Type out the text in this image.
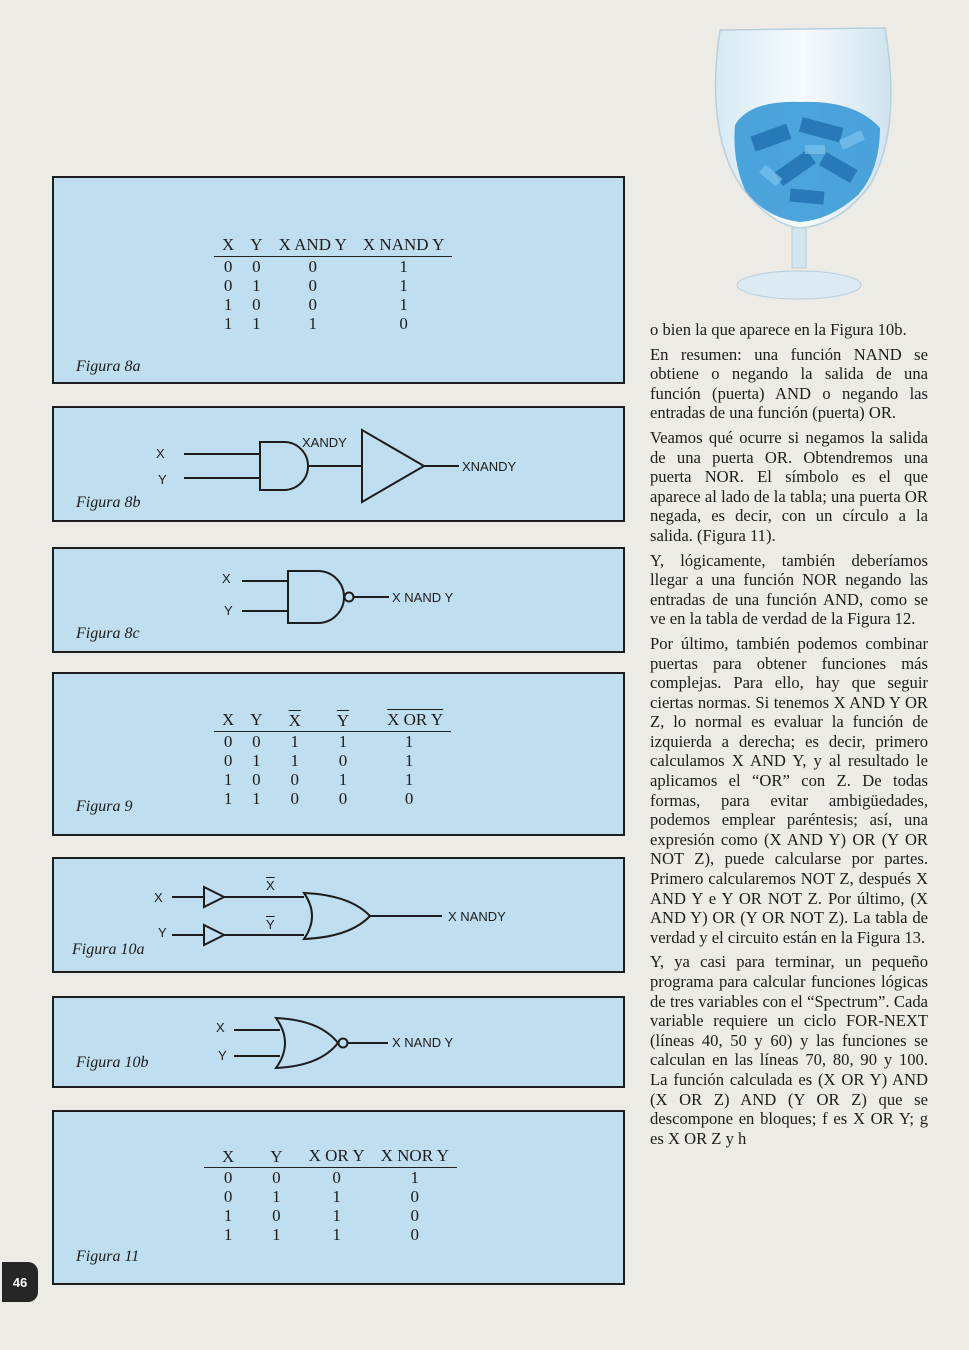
X	Y	X AND Y	X NAND Y
0	0	0	1
0	1	0	1
1	0	0	1
1	1	1	0
Figura 8a
X
Y
XANDY
XNANDY
Figura 8b
X
Y
X NAND Y
Figura 8c
X	Y	$\overline{X}$	$\overline{Y}$	X OR Y
0	0	1	1	1
0	1	1	0	1
1	0	0	1	1
1	1	0	0	0
Figura 9
X
Y
$\overline{X}$
$\overline{Y}$
X NANDY
Figura 10a
X
Y
X NAND Y
Figura 10b
X	Y	X OR Y	X NOR Y
0	0	0	1
0	1	1	0
1	0	1	0
1	1	1	0
Figura 11

o bien la que aparece en la Figura 10b.

En resumen: una función NAND se obtiene o negando la salida de una función (puerta) AND o negando las entradas de una función (puerta) OR.

Veamos qué ocurre si negamos la salida de una puerta OR. Obtendremos una puerta NOR. El símbolo es el que aparece al lado de la tabla; una puerta OR negada, es decir, con un círculo a la salida. (Figura 11).

Y, lógicamente, también deberíamos llegar a una función NOR negando las entradas de una función AND, como se ve en la tabla de verdad de la Figura 12.

Por último, también podemos combinar puertas para obtener funciones más complejas. Para ello, hay que seguir ciertas normas. Si tenemos X AND Y OR Z, lo normal es evaluar la función de izquierda a derecha; es decir, primero calculamos X AND Y, y al resultado le aplicamos el “OR” con Z. De todas formas, para evitar ambigüedades, podemos emplear paréntesis; así, una expresión como (X AND Y) OR (Y OR NOT Z), puede calcularse por partes. Primero calcularemos NOT Z, después X AND Y e Y OR NOT Z. Por último, (X AND Y) OR (Y OR NOT Z). La tabla de verdad y el circuito están en la Figura 13.

Y, ya casi para terminar, un pequeño programa para calcular funciones lógicas de tres variables con el “Spectrum”. Cada variable requiere un ciclo FOR-NEXT (líneas 40, 50 y 60) y las funciones se calculan en las líneas 70, 80, 90 y 100. La función calculada es (X OR Y) AND (X OR Z) AND (Y OR Z) que se descompone en bloques; f es X OR Y; g es X OR Z y h

46
